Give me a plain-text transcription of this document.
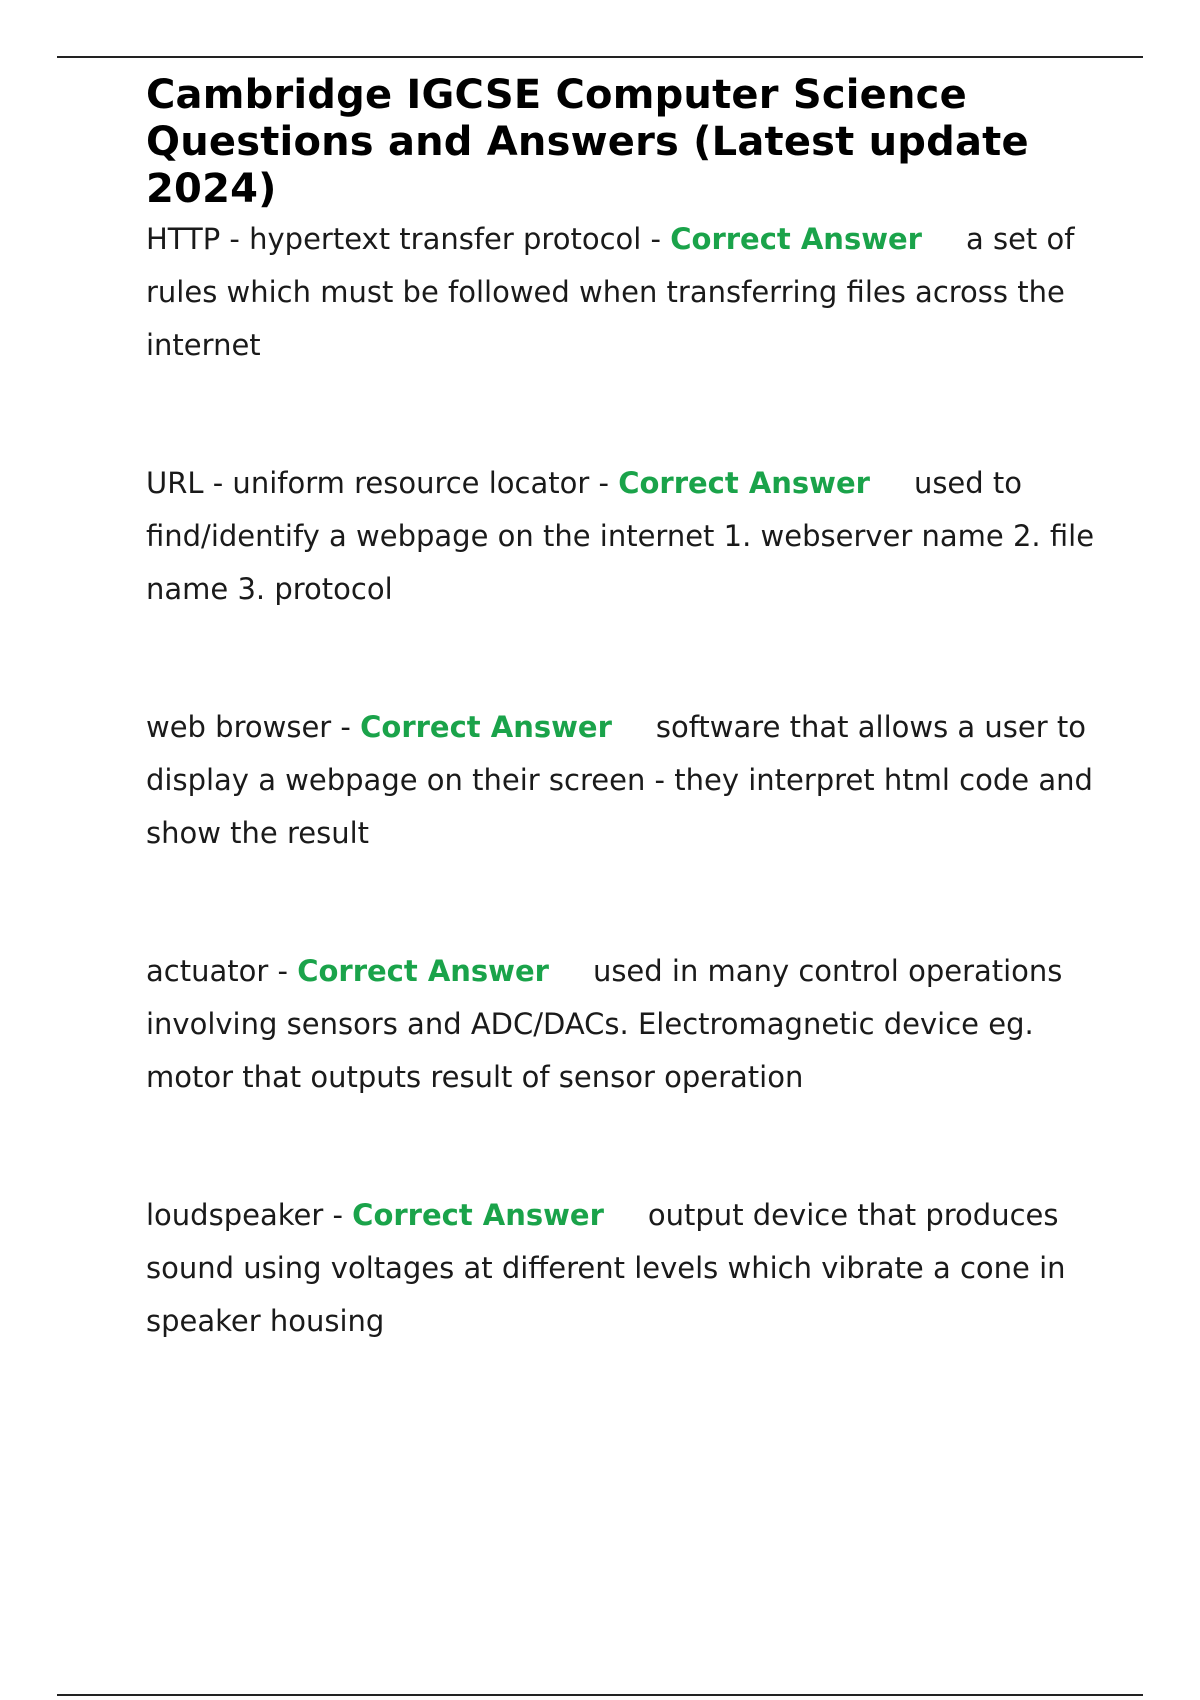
Cambridge IGCSE Computer Science Questions and Answers (Latest update 2024)

HTTP - hypertext transfer protocol - Correct Answer a set of rules which must be followed when transferring files across the internet

URL - uniform resource locator - Correct Answer used to find/identify a webpage on the internet 1. webserver name 2. file name 3. protocol

web browser - Correct Answer software that allows a user to display a webpage on their screen - they interpret html code and show the result

actuator - Correct Answer used in many control operations involving sensors and ADC/DACs. Electromagnetic device eg. motor that outputs result of sensor operation

loudspeaker - Correct Answer output device that produces sound using voltages at different levels which vibrate a cone in speaker housing
